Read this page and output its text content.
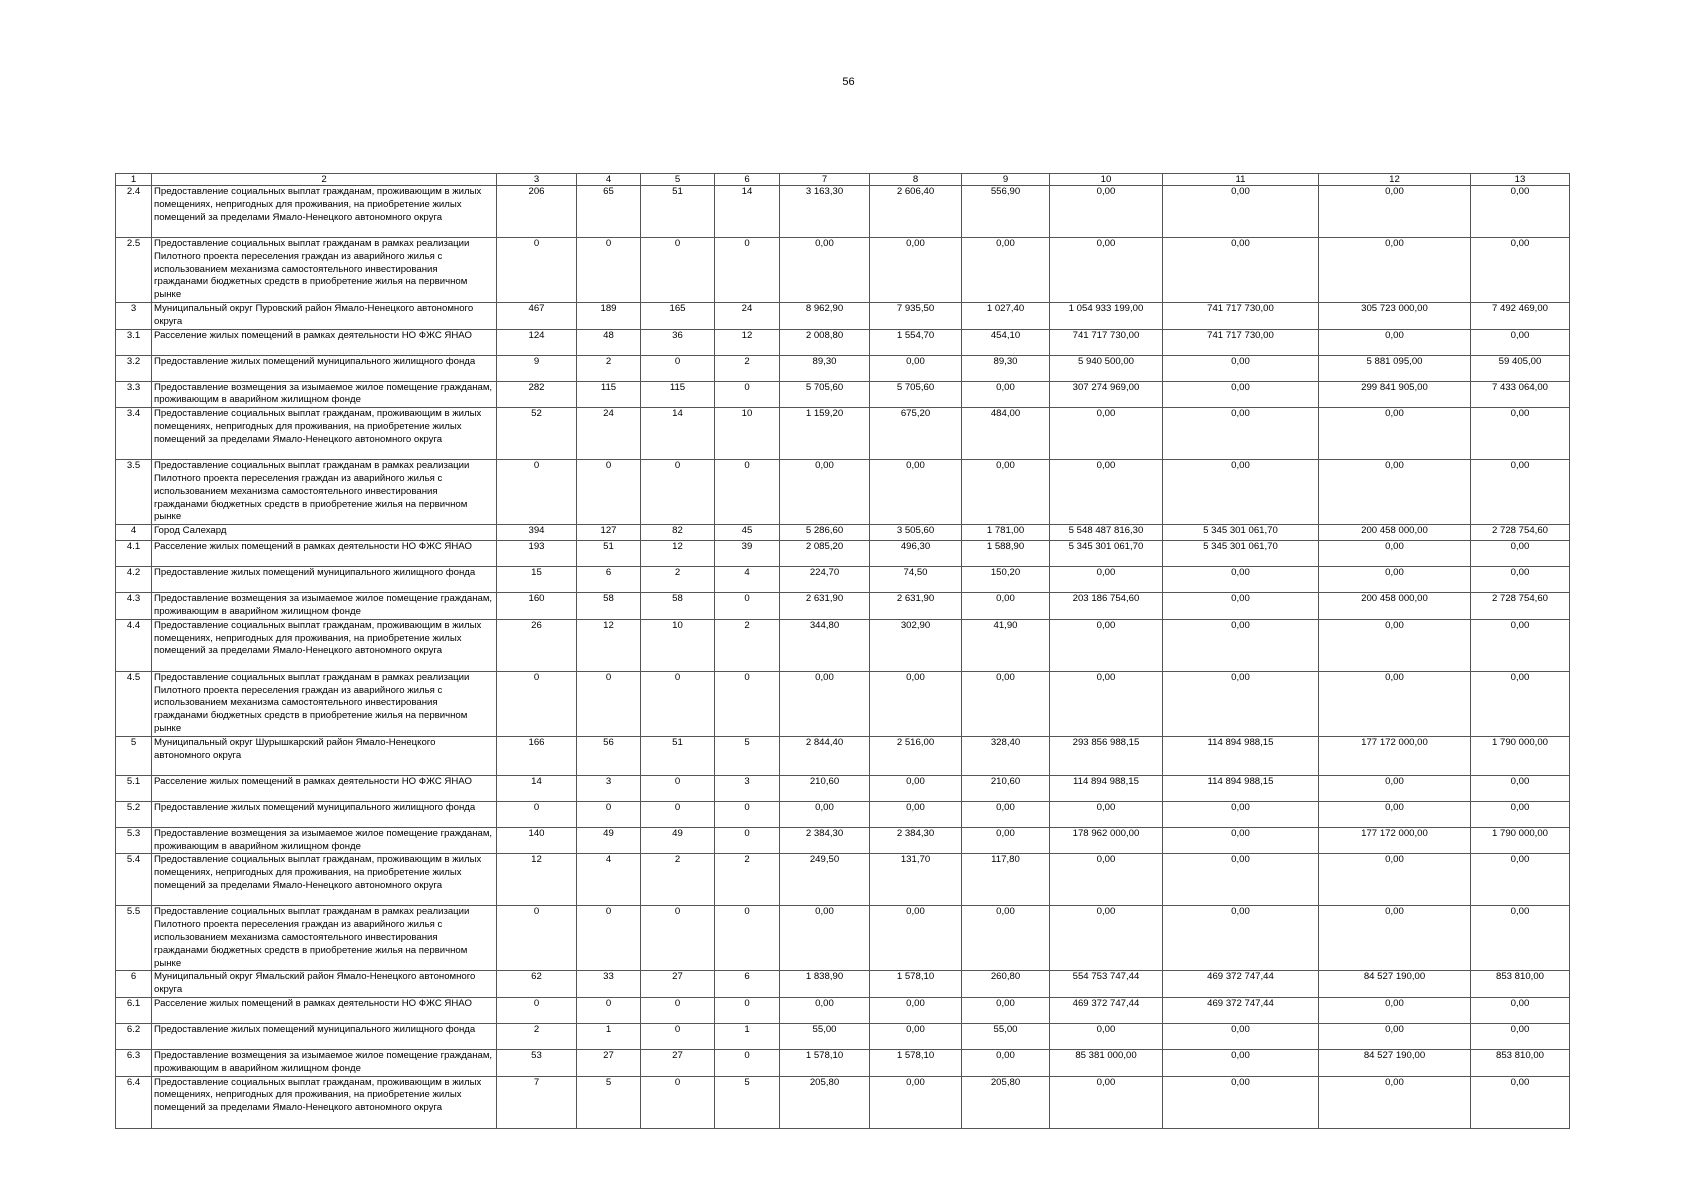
56
1	2	3	4	5	6	7	8	9	10	11	12	13
2.4	Предоставление социальных выплат гражданам, проживающим в жилых помещениях, непригодных для проживания, на приобретение жилых помещений за пределами Ямало-Ненецкого автономного округа	206	65	51	14	3 163,30	2 606,40	556,90	0,00	0,00	0,00	0,00
2.5	Предоставление социальных выплат гражданам в рамках реализации Пилотного проекта переселения граждан из аварийного жилья с использованием механизма самостоятельного инвестирования гражданами бюджетных средств в приобретение жилья на первичном рынке	0	0	0	0	0,00	0,00	0,00	0,00	0,00	0,00	0,00
3	Муниципальный округ Пуровский район Ямало-Ненецкого автономного округа	467	189	165	24	8 962,90	7 935,50	1 027,40	1 054 933 199,00	741 717 730,00	305 723 000,00	7 492 469,00
3.1	Расселение жилых помещений в рамках деятельности НО ФЖС ЯНАО	124	48	36	12	2 008,80	1 554,70	454,10	741 717 730,00	741 717 730,00	0,00	0,00
3.2	Предоставление жилых помещений муниципального жилищного фонда	9	2	0	2	89,30	0,00	89,30	5 940 500,00	0,00	5 881 095,00	59 405,00
3.3	Предоставление возмещения за изымаемое жилое помещение гражданам, проживающим в аварийном жилищном фонде	282	115	115	0	5 705,60	5 705,60	0,00	307 274 969,00	0,00	299 841 905,00	7 433 064,00
3.4	Предоставление социальных выплат гражданам, проживающим в жилых помещениях, непригодных для проживания, на приобретение жилых помещений за пределами Ямало-Ненецкого автономного округа	52	24	14	10	1 159,20	675,20	484,00	0,00	0,00	0,00	0,00
3.5	Предоставление социальных выплат гражданам в рамках реализации Пилотного проекта переселения граждан из аварийного жилья с использованием механизма самостоятельного инвестирования гражданами бюджетных средств в приобретение жилья на первичном рынке	0	0	0	0	0,00	0,00	0,00	0,00	0,00	0,00	0,00
4	Город Салехард	394	127	82	45	5 286,60	3 505,60	1 781,00	5 548 487 816,30	5 345 301 061,70	200 458 000,00	2 728 754,60
4.1	Расселение жилых помещений в рамках деятельности НО ФЖС ЯНАО	193	51	12	39	2 085,20	496,30	1 588,90	5 345 301 061,70	5 345 301 061,70	0,00	0,00
4.2	Предоставление жилых помещений муниципального жилищного фонда	15	6	2	4	224,70	74,50	150,20	0,00	0,00	0,00	0,00
4.3	Предоставление возмещения за изымаемое жилое помещение гражданам, проживающим в аварийном жилищном фонде	160	58	58	0	2 631,90	2 631,90	0,00	203 186 754,60	0,00	200 458 000,00	2 728 754,60
4.4	Предоставление социальных выплат гражданам, проживающим в жилых помещениях, непригодных для проживания, на приобретение жилых помещений за пределами Ямало-Ненецкого автономного округа	26	12	10	2	344,80	302,90	41,90	0,00	0,00	0,00	0,00
4.5	Предоставление социальных выплат гражданам в рамках реализации Пилотного проекта переселения граждан из аварийного жилья с использованием механизма самостоятельного инвестирования гражданами бюджетных средств в приобретение жилья на первичном рынке	0	0	0	0	0,00	0,00	0,00	0,00	0,00	0,00	0,00
5	Муниципальный округ Шурышкарский район Ямало-Ненецкого автономного округа	166	56	51	5	2 844,40	2 516,00	328,40	293 856 988,15	114 894 988,15	177 172 000,00	1 790 000,00
5.1	Расселение жилых помещений в рамках деятельности НО ФЖС ЯНАО	14	3	0	3	210,60	0,00	210,60	114 894 988,15	114 894 988,15	0,00	0,00
5.2	Предоставление жилых помещений муниципального жилищного фонда	0	0	0	0	0,00	0,00	0,00	0,00	0,00	0,00	0,00
5.3	Предоставление возмещения за изымаемое жилое помещение гражданам, проживающим в аварийном жилищном фонде	140	49	49	0	2 384,30	2 384,30	0,00	178 962 000,00	0,00	177 172 000,00	1 790 000,00
5.4	Предоставление социальных выплат гражданам, проживающим в жилых помещениях, непригодных для проживания, на приобретение жилых помещений за пределами Ямало-Ненецкого автономного округа	12	4	2	2	249,50	131,70	117,80	0,00	0,00	0,00	0,00
5.5	Предоставление социальных выплат гражданам в рамках реализации Пилотного проекта переселения граждан из аварийного жилья с использованием механизма самостоятельного инвестирования гражданами бюджетных средств в приобретение жилья на первичном рынке	0	0	0	0	0,00	0,00	0,00	0,00	0,00	0,00	0,00
6	Муниципальный округ Ямальский район Ямало-Ненецкого автономного округа	62	33	27	6	1 838,90	1 578,10	260,80	554 753 747,44	469 372 747,44	84 527 190,00	853 810,00
6.1	Расселение жилых помещений в рамках деятельности НО ФЖС ЯНАО	0	0	0	0	0,00	0,00	0,00	469 372 747,44	469 372 747,44	0,00	0,00
6.2	Предоставление жилых помещений муниципального жилищного фонда	2	1	0	1	55,00	0,00	55,00	0,00	0,00	0,00	0,00
6.3	Предоставление возмещения за изымаемое жилое помещение гражданам, проживающим в аварийном жилищном фонде	53	27	27	0	1 578,10	1 578,10	0,00	85 381 000,00	0,00	84 527 190,00	853 810,00
6.4	Предоставление социальных выплат гражданам, проживающим в жилых помещениях, непригодных для проживания, на приобретение жилых помещений за пределами Ямало-Ненецкого автономного округа	7	5	0	5	205,80	0,00	205,80	0,00	0,00	0,00	0,00
